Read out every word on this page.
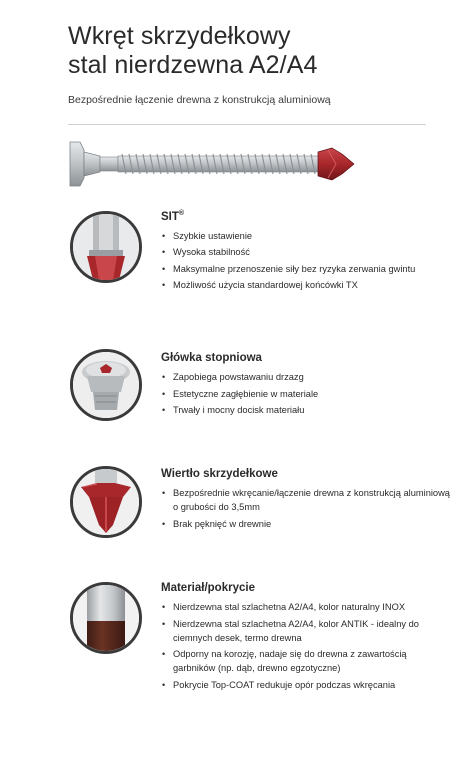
Wkręt skrzydełkowy
stal nierdzewna A2/A4
Bezpośrednie łączenie drewna z konstrukcją aluminiową
SIT®
• Szybkie ustawienie
• Wysoka stabilność
• Maksymalne przenoszenie siły bez ryzyka zerwania gwintu
• Możliwość użycia standardowej końcówki TX
Główka stopniowa
• Zapobiega powstawaniu drzazg
• Estetyczne zagłębienie w materiale
• Trwały i mocny docisk materiału
Wiertło skrzydełkowe
• Bezpośrednie wkręcanie/łączenie drewna z konstrukcją aluminiową o grubości do 3,5mm
• Brak pęknięć w drewnie
Materiał/pokrycie
• Nierdzewna stal szlachetna A2/A4, kolor naturalny INOX
• Nierdzewna stal szlachetna A2/A4, kolor ANTIK - idealny do ciemnych desek, termo drewna
• Odporny na korozję, nadaje się do drewna z zawartością garbników (np. dąb, drewno egzotyczne)
• Pokrycie Top-COAT redukuje opór podczas wkręcania
